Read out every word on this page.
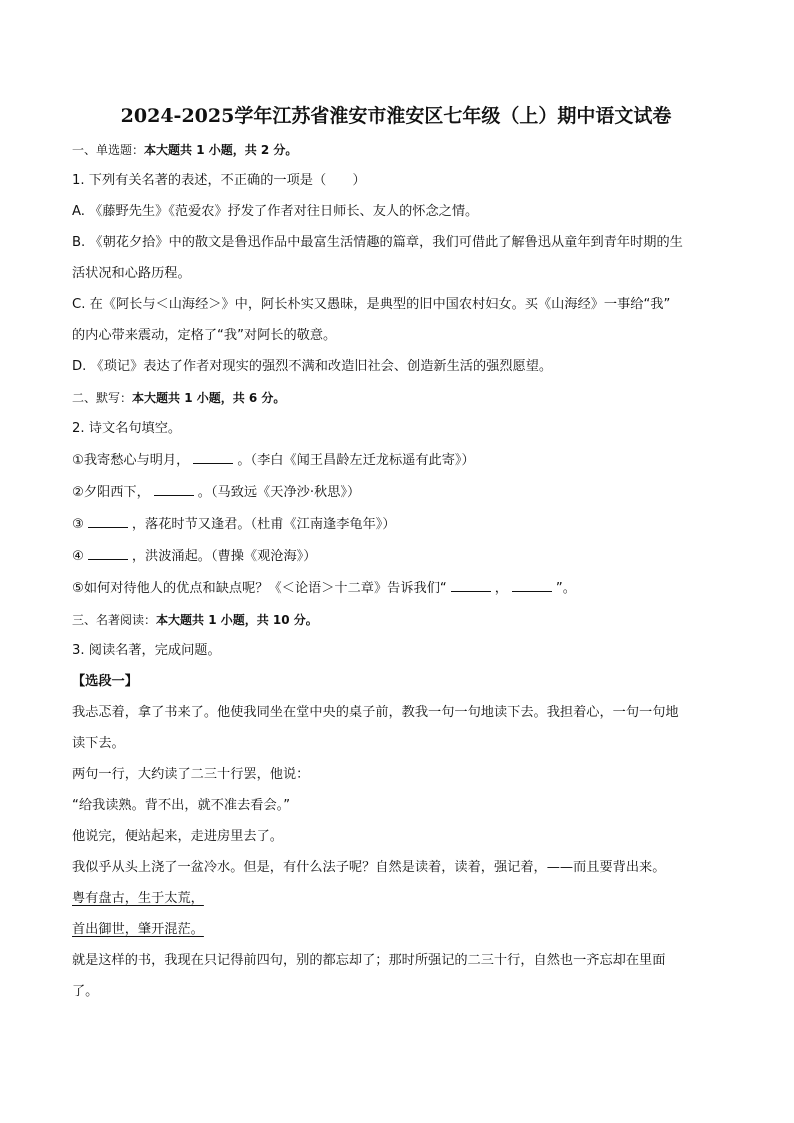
2024-2025学年江苏省淮安市淮安区七年级（上）期中语文试卷
一、单选题：本大题共 1 小题，共 2 分。
1. 下列有关名著的表述，不正确的一项是（　　）
A. 《藤野先生》《范爱农》抒发了作者对往日师长、友人的怀念之情。
B. 《朝花夕拾》中的散文是鲁迅作品中最富生活情趣的篇章，我们可借此了解鲁迅从童年到青年时期的生
活状况和心路历程。
C. 在《阿长与＜山海经＞》中，阿长朴实又愚昧，是典型的旧中国农村妇女。买《山海经》一事给“我”
的内心带来震动，定格了“我”对阿长的敬意。
D. 《琐记》表达了作者对现实的强烈不满和改造旧社会、创造新生活的强烈愿望。
二、默写：本大题共 1 小题，共 6 分。
2. 诗文名句填空。
①我寄愁心与明月，	。（李白《闻王昌龄左迁龙标遥有此寄》）
②夕阳西下，	。（马致远《天净沙·秋思》）
③	，落花时节又逢君。（杜甫《江南逢李龟年》）
④	，洪波涌起。（曹操《观沧海》）
⑤如何对待他人的优点和缺点呢？《＜论语＞十二章》告诉我们“	，	”。
三、名著阅读：本大题共 1 小题，共 10 分。
3. 阅读名著，完成问题。
【选段一】
我忐忑着，拿了书来了。他使我同坐在堂中央的桌子前，教我一句一句地读下去。我担着心，一句一句地
读下去。
两句一行，大约读了二三十行罢，他说：
“给我读熟。背不出，就不准去看会。”
他说完，便站起来，走进房里去了。
我似乎从头上浇了一盆冷水。但是，有什么法子呢？自然是读着，读着，强记着，——而且要背出来。
粤有盘古，生于太荒，
首出御世，肇开混茫。
就是这样的书，我现在只记得前四句，别的都忘却了；那时所强记的二三十行，自然也一齐忘却在里面
了。
